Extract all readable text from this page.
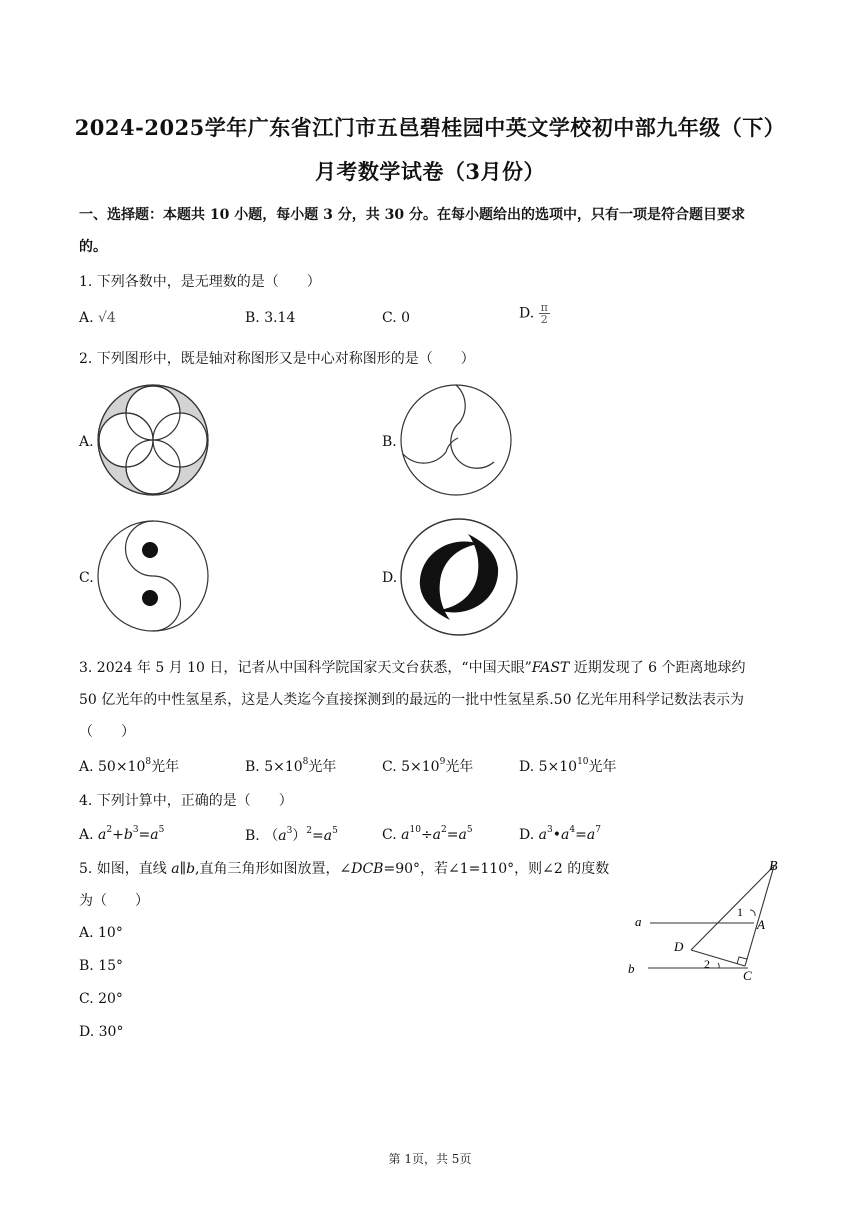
2024-2025学年广东省江门市五邑碧桂园中英文学校初中部九年级（下）
月考数学试卷（3月份）
一、选择题：本题共 10 小题，每小题 3 分，共 30 分。在每小题给出的选项中，只有一项是符合题目要求
的。
1. 下列各数中，是无理数的是（　　）
A. √4	B. 3.14	C. 0	D. $\frac{\pi}{2}$
2. 下列图形中，既是轴对称图形又是中心对称图形的是（　　）
A.	B.
C.	D.
3. 2024 年 5 月 10 日，记者从中国科学院国家天文台获悉，“中国天眼”FAST 近期发现了 6 个距离地球约
50 亿光年的中性氢星系，这是人类迄今直接探测到的最远的一批中性氢星系.50 亿光年用科学记数法表示为
（　　）
A. $50\times 10^8$光年	B. $5\times 10^8$光年	C. $5\times 10^9$光年	D. $5\times 10^{10}$光年
4. 下列计算中，正确的是（　　）
A. $a^2+b^3=a^5$	B. $(a^3)^2=a^5$	C. $a^{10}\div a^2=a^5$	D. $a^3•a^4=a^7$
5. 如图，直线 a∥b,直角三角形如图放置，∠DCB=90°，若∠1=110°，则∠2 的度数
为（　　）
A. 10°
B. 15°
C. 20°
D. 30°
B
A
D
C
a
b
1
2
第 1页，共 5页
